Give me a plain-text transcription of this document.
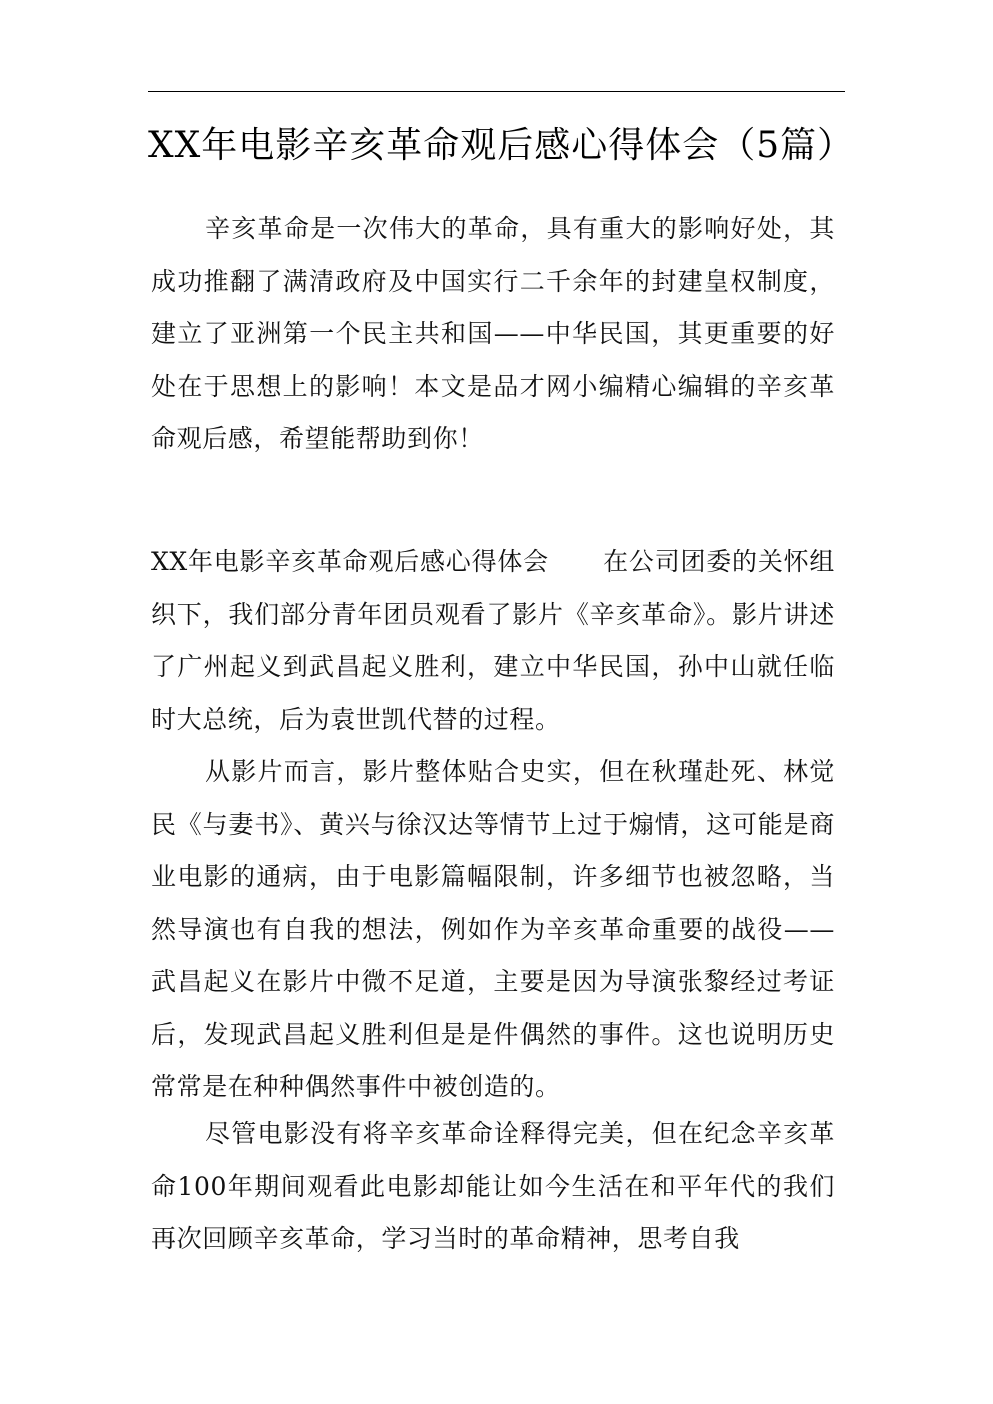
XX年电影辛亥革命观后感心得体会（5篇）

辛亥革命是一次伟大的革命，具有重大的影响好处，其成功推翻了满清政府及中国实行二千余年的封建皇权制度，建立了亚洲第一个民主共和国——中华民国，其更重要的好处在于思想上的影响！本文是品才网小编精心编辑的辛亥革命观后感，希望能帮助到你！

XX年电影辛亥革命观后感心得体会 在公司团委的关怀组织下，我们部分青年团员观看了影片《辛亥革命》。影片讲述了广州起义到武昌起义胜利，建立中华民国，孙中山就任临时大总统，后为袁世凯代替的过程。

从影片而言，影片整体贴合史实，但在秋瑾赴死、林觉民《与妻书》、黄兴与徐汉达等情节上过于煽情，这可能是商业电影的通病，由于电影篇幅限制，许多细节也被忽略，当然导演也有自我的想法，例如作为辛亥革命重要的战役——武昌起义在影片中微不足道，主要是因为导演张黎经过考证后，发现武昌起义胜利但是是件偶然的事件。这也说明历史常常是在种种偶然事件中被创造的。

尽管电影没有将辛亥革命诠释得完美，但在纪念辛亥革命100年期间观看此电影却能让如今生活在和平年代的我们再次回顾辛亥革命，学习当时的革命精神，思考自我
